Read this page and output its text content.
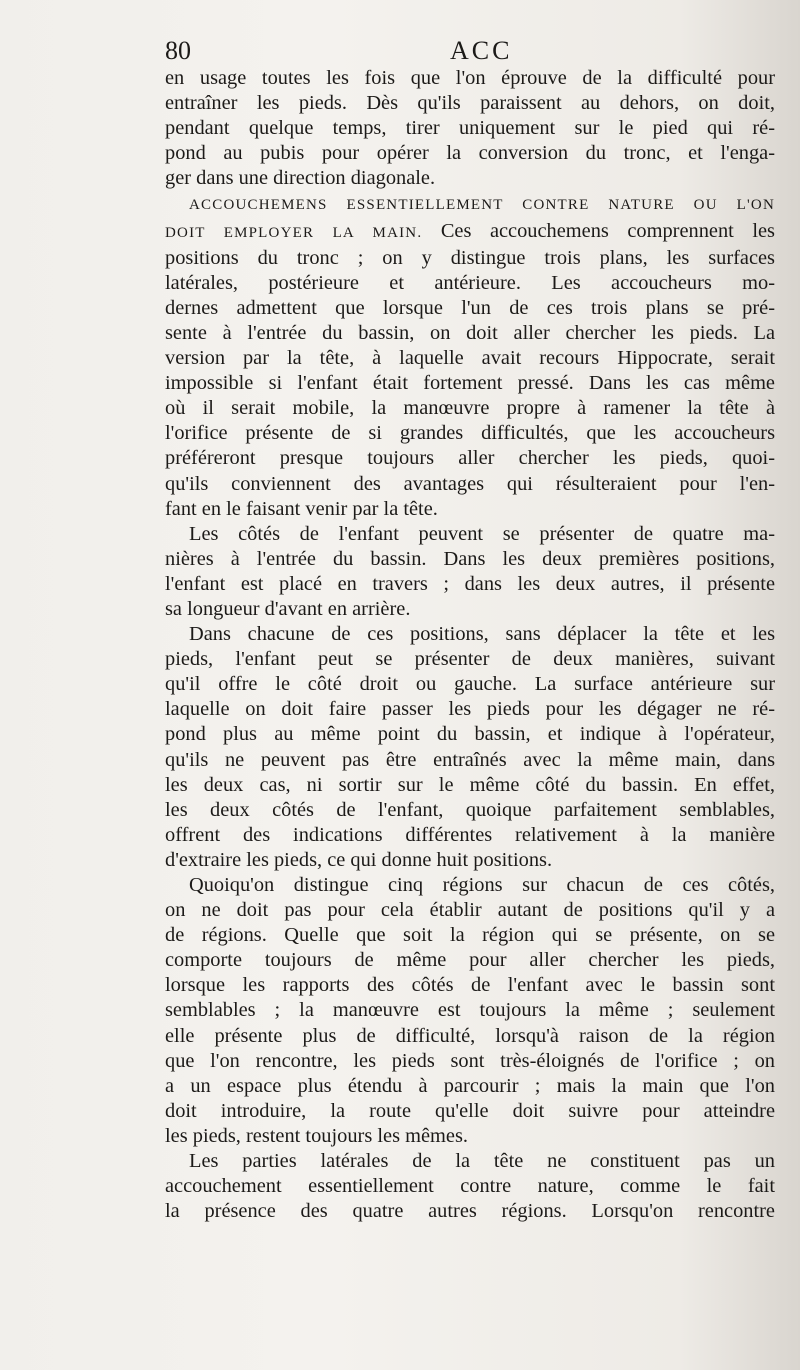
80	ACC

en usage toutes les fois que l'on éprouve de la difficulté pour
entraîner les pieds. Dès qu'ils paraissent au dehors, on doit,
pendant quelque temps, tirer uniquement sur le pied qui ré-
pond au pubis pour opérer la conversion du tronc, et l'enga-
ger dans une direction diagonale.

ACCOUCHEMENS ESSENTIELLEMENT CONTRE NATURE OU L'ON
DOIT EMPLOYER LA MAIN. Ces accouchemens comprennent les
positions du tronc ; on y distingue trois plans, les surfaces
latérales, postérieure et antérieure. Les accoucheurs mo-
dernes admettent que lorsque l'un de ces trois plans se pré-
sente à l'entrée du bassin, on doit aller chercher les pieds. La
version par la tête, à laquelle avait recours Hippocrate, serait
impossible si l'enfant était fortement pressé. Dans les cas même
où il serait mobile, la manœuvre propre à ramener la tête à
l'orifice présente de si grandes difficultés, que les accoucheurs
préféreront presque toujours aller chercher les pieds, quoi-
qu'ils conviennent des avantages qui résulteraient pour l'en-
fant en le faisant venir par la tête.

Les côtés de l'enfant peuvent se présenter de quatre ma-
nières à l'entrée du bassin. Dans les deux premières positions,
l'enfant est placé en travers ; dans les deux autres, il présente
sa longueur d'avant en arrière.

Dans chacune de ces positions, sans déplacer la tête et les
pieds, l'enfant peut se présenter de deux manières, suivant
qu'il offre le côté droit ou gauche. La surface antérieure sur
laquelle on doit faire passer les pieds pour les dégager ne ré-
pond plus au même point du bassin, et indique à l'opérateur,
qu'ils ne peuvent pas être entraînés avec la même main, dans
les deux cas, ni sortir sur le même côté du bassin. En effet,
les deux côtés de l'enfant, quoique parfaitement semblables,
offrent des indications différentes relativement à la manière
d'extraire les pieds, ce qui donne huit positions.

Quoiqu'on distingue cinq régions sur chacun de ces côtés,
on ne doit pas pour cela établir autant de positions qu'il y a
de régions. Quelle que soit la région qui se présente, on se
comporte toujours de même pour aller chercher les pieds,
lorsque les rapports des côtés de l'enfant avec le bassin sont
semblables ; la manœuvre est toujours la même ; seulement
elle présente plus de difficulté, lorsqu'à raison de la région
que l'on rencontre, les pieds sont très-éloignés de l'orifice ; on
a un espace plus étendu à parcourir ; mais la main que l'on
doit introduire, la route qu'elle doit suivre pour atteindre
les pieds, restent toujours les mêmes.

Les parties latérales de la tête ne constituent pas un
accouchement essentiellement contre nature, comme le fait
la présence des quatre autres régions. Lorsqu'on rencontre
